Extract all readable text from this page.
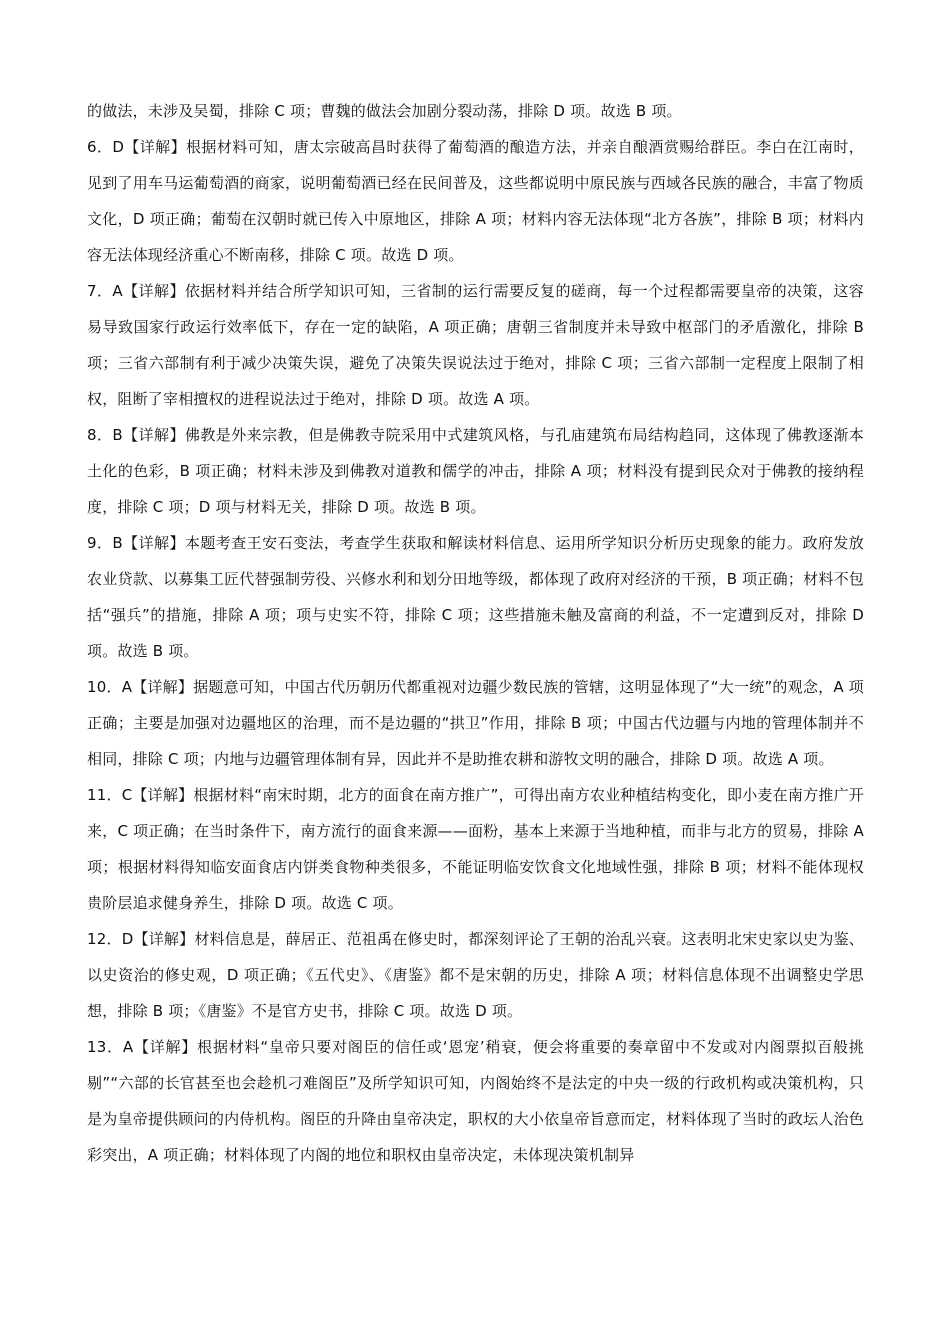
的做法，未涉及吴蜀，排除 C 项；曹魏的做法会加剧分裂动荡，排除 D 项。故选 B 项。

6．D【详解】根据材料可知，唐太宗破高昌时获得了葡萄酒的酿造方法，并亲自酿酒赏赐给群臣。李白在江南时，见到了用车马运葡萄酒的商家，说明葡萄酒已经在民间普及，这些都说明中原民族与西域各民族的融合，丰富了物质文化，D 项正确；葡萄在汉朝时就已传入中原地区，排除 A 项；材料内容无法体现“北方各族”，排除 B 项；材料内容无法体现经济重心不断南移，排除 C 项。故选 D 项。

7．A【详解】依据材料并结合所学知识可知，三省制的运行需要反复的磋商，每一个过程都需要皇帝的决策，这容易导致国家行政运行效率低下，存在一定的缺陷，A 项正确；唐朝三省制度并未导致中枢部门的矛盾激化，排除 B 项；三省六部制有利于减少决策失误，避免了决策失误说法过于绝对，排除 C 项；三省六部制一定程度上限制了相权，阻断了宰相擅权的进程说法过于绝对，排除 D 项。故选 A 项。

8．B【详解】佛教是外来宗教，但是佛教寺院采用中式建筑风格，与孔庙建筑布局结构趋同，这体现了佛教逐渐本土化的色彩，B 项正确；材料未涉及到佛教对道教和儒学的冲击，排除 A 项；材料没有提到民众对于佛教的接纳程度，排除 C 项；D 项与材料无关，排除 D 项。故选 B 项。

9．B【详解】本题考查王安石变法，考查学生获取和解读材料信息、运用所学知识分析历史现象的能力。政府发放农业贷款、以募集工匠代替强制劳役、兴修水利和划分田地等级，都体现了政府对经济的干预，B 项正确；材料不包括“强兵”的措施，排除 A 项；项与史实不符，排除 C 项；这些措施未触及富商的利益，不一定遭到反对，排除 D 项。故选 B 项。

10．A【详解】据题意可知，中国古代历朝历代都重视对边疆少数民族的管辖，这明显体现了“大一统”的观念，A 项正确；主要是加强对边疆地区的治理，而不是边疆的“拱卫”作用，排除 B 项；中国古代边疆与内地的管理体制并不相同，排除 C 项；内地与边疆管理体制有异，因此并不是助推农耕和游牧文明的融合，排除 D 项。故选 A 项。

11．C【详解】根据材料“南宋时期，北方的面食在南方推广”，可得出南方农业种植结构变化，即小麦在南方推广开来，C 项正确；在当时条件下，南方流行的面食来源——面粉，基本上来源于当地种植，而非与北方的贸易，排除 A 项；根据材料得知临安面食店内饼类食物种类很多，不能证明临安饮食文化地域性强，排除 B 项；材料不能体现权贵阶层追求健身养生，排除 D 项。故选 C 项。

12．D【详解】材料信息是，薛居正、范祖禹在修史时，都深刻评论了王朝的治乱兴衰。这表明北宋史家以史为鉴、以史资治的修史观，D 项正确；《五代史》、《唐鉴》都不是宋朝的历史，排除 A 项；材料信息体现不出调整史学思想，排除 B 项；《唐鉴》不是官方史书，排除 C 项。故选 D 项。

13．A【详解】根据材料“皇帝只要对阁臣的信任或‘恩宠’稍衰，便会将重要的奏章留中不发或对内阁票拟百般挑剔”“六部的长官甚至也会趁机刁难阁臣”及所学知识可知，内阁始终不是法定的中央一级的行政机构或决策机构，只是为皇帝提供顾问的内侍机构。阁臣的升降由皇帝决定，职权的大小依皇帝旨意而定，材料体现了当时的政坛人治色彩突出，A 项正确；材料体现了内阁的地位和职权由皇帝决定，未体现决策机制异
